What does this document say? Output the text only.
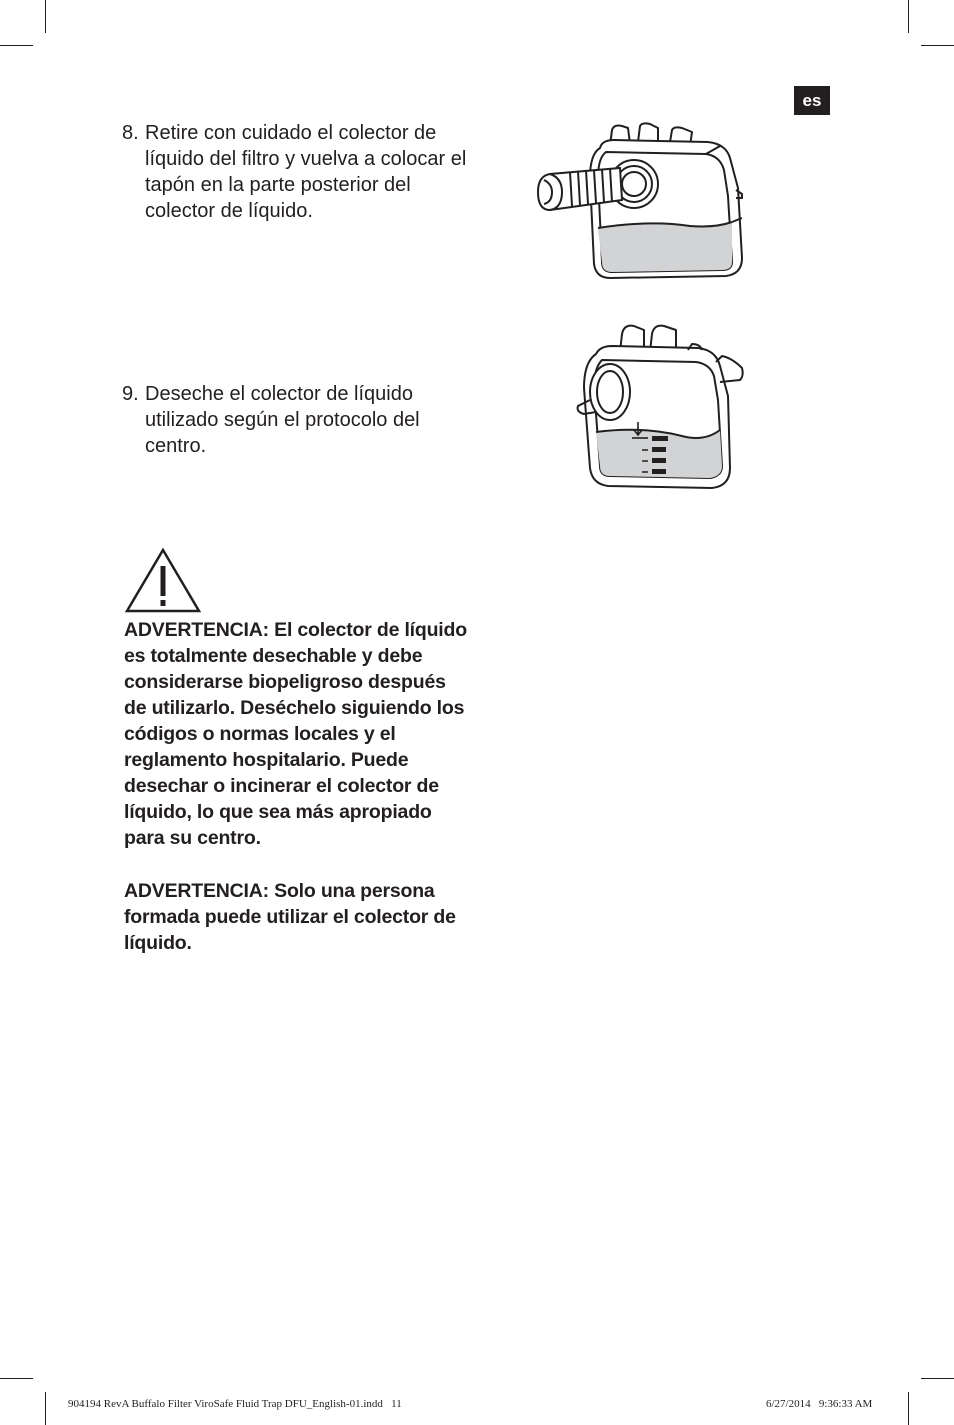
es
8. Retire con cuidado el colector de líquido del filtro y vuelva a colocar el tapón en la parte posterior del colector de líquido.
9. Deseche el colector de líquido utilizado según el protocolo del centro.
ADVERTENCIA: El colector de líquido es totalmente desechable y debe considerarse biopeligroso después de utilizarlo. Deséchelo siguiendo los códigos o normas locales y el reglamento hospitalario. Puede desechar o incinerar el colector de líquido, lo que sea más apropiado para su centro.
ADVERTENCIA: Solo una persona formada puede utilizar el colector de líquido.
904194 RevA Buffalo Filter ViroSafe Fluid Trap DFU_English-01.indd   11	6/27/2014   9:36:33 AM
